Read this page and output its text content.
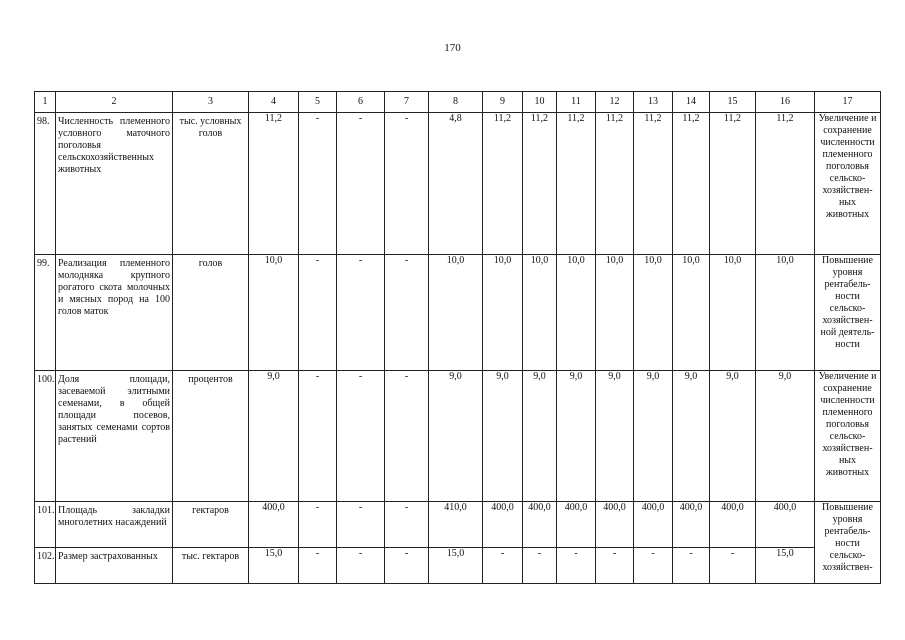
170
1	2	3	4	5	6	7	8	9	10	11	12	13	14	15	16	17
98.	Численность племенного условного маточного поголовья сельскохозяйственных животных	тыс. условных голов	11,2	-	-	-	4,8	11,2	11,2	11,2	11,2	11,2	11,2	11,2	11,2	Увеличение и сохранение численности племенного поголовья сельско-хозяйствен-ных животных
99.	Реализация племенного молодняка крупного рогатого скота молочных и мясных пород на 100 голов маток	голов	10,0	-	-	-	10,0	10,0	10,0	10,0	10,0	10,0	10,0	10,0	10,0	Повышение уровня рентабель-ности сельско-хозяйствен-ной деятель-ности
100.	Доля площади, засеваемой элитными семенами, в общей площади посевов, занятых семенами сортов растений	процентов	9,0	-	-	-	9,0	9,0	9,0	9,0	9,0	9,0	9,0	9,0	9,0	Увеличение и сохранение численности племенного поголовья сельско-хозяйствен-ных животных
101.	Площадь закладки многолетних насаждений	гектаров	400,0	-	-	-	410,0	400,0	400,0	400,0	400,0	400,0	400,0	400,0	400,0	Повышение уровня рентабель-ности сельско-хозяйствен-
102.	Размер застрахованных	тыс. гектаров	15,0	-	-	-	15,0	-	-	-	-	-	-	-	15,0	
